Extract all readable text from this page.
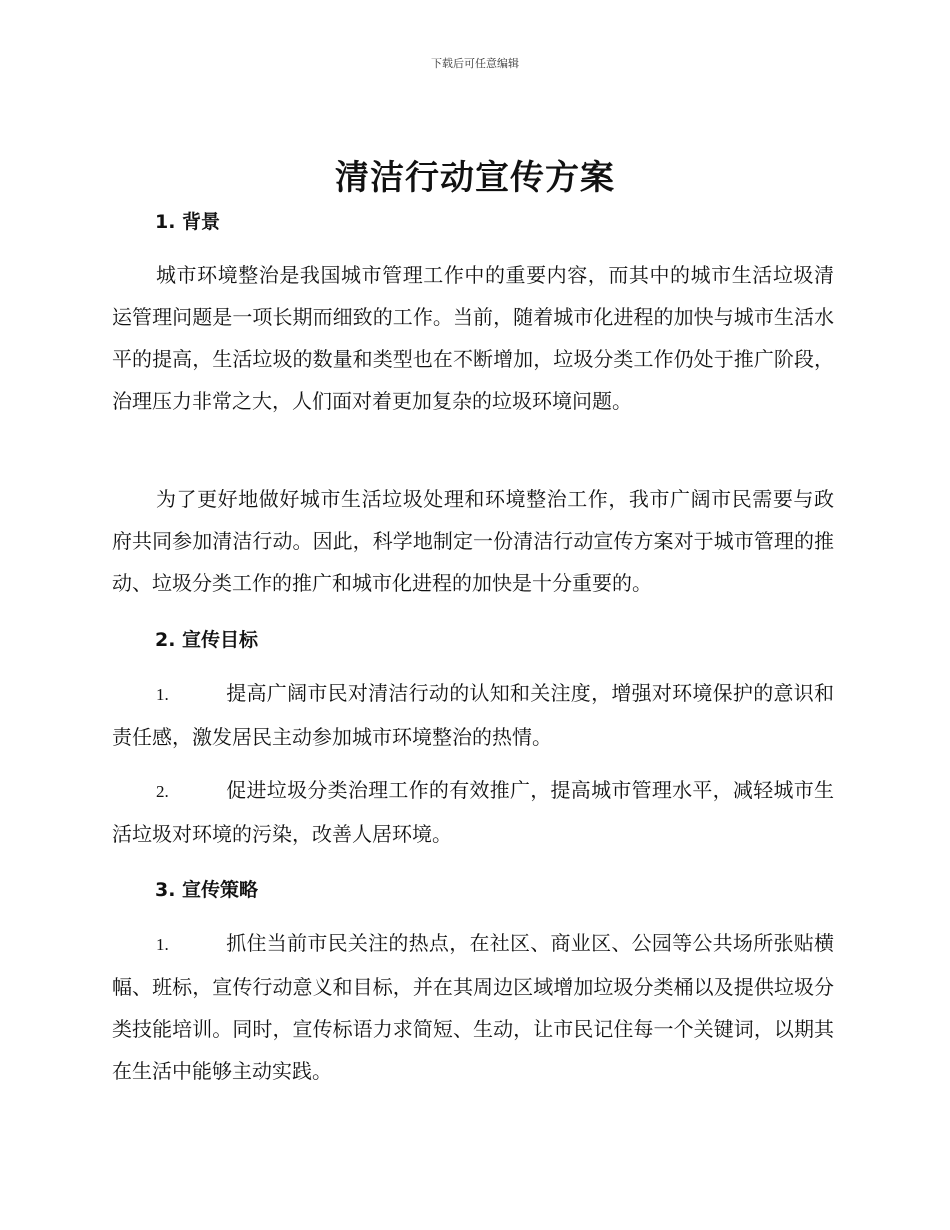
下载后可任意编辑
清洁行动宣传方案
1. 背景

城市环境整治是我国城市管理工作中的重要内容，而其中的城市生活垃圾清运管理问题是一项长期而细致的工作。当前，随着城市化进程的加快与城市生活水平的提高，生活垃圾的数量和类型也在不断增加，垃圾分类工作仍处于推广阶段，治理压力非常之大，人们面对着更加复杂的垃圾环境问题。

为了更好地做好城市生活垃圾处理和环境整治工作，我市广阔市民需要与政府共同参加清洁行动。因此，科学地制定一份清洁行动宣传方案对于城市管理的推动、垃圾分类工作的推广和城市化进程的加快是十分重要的。

2. 宣传目标

1.	提高广阔市民对清洁行动的认知和关注度，增强对环境保护的意识和责任感，激发居民主动参加城市环境整治的热情。

2.	促进垃圾分类治理工作的有效推广，提高城市管理水平，减轻城市生活垃圾对环境的污染，改善人居环境。

3. 宣传策略

1.	抓住当前市民关注的热点，在社区、商业区、公园等公共场所张贴横幅、班标，宣传行动意义和目标，并在其周边区域增加垃圾分类桶以及提供垃圾分类技能培训。同时，宣传标语力求简短、生动，让市民记住每一个关键词，以期其在生活中能够主动实践。
